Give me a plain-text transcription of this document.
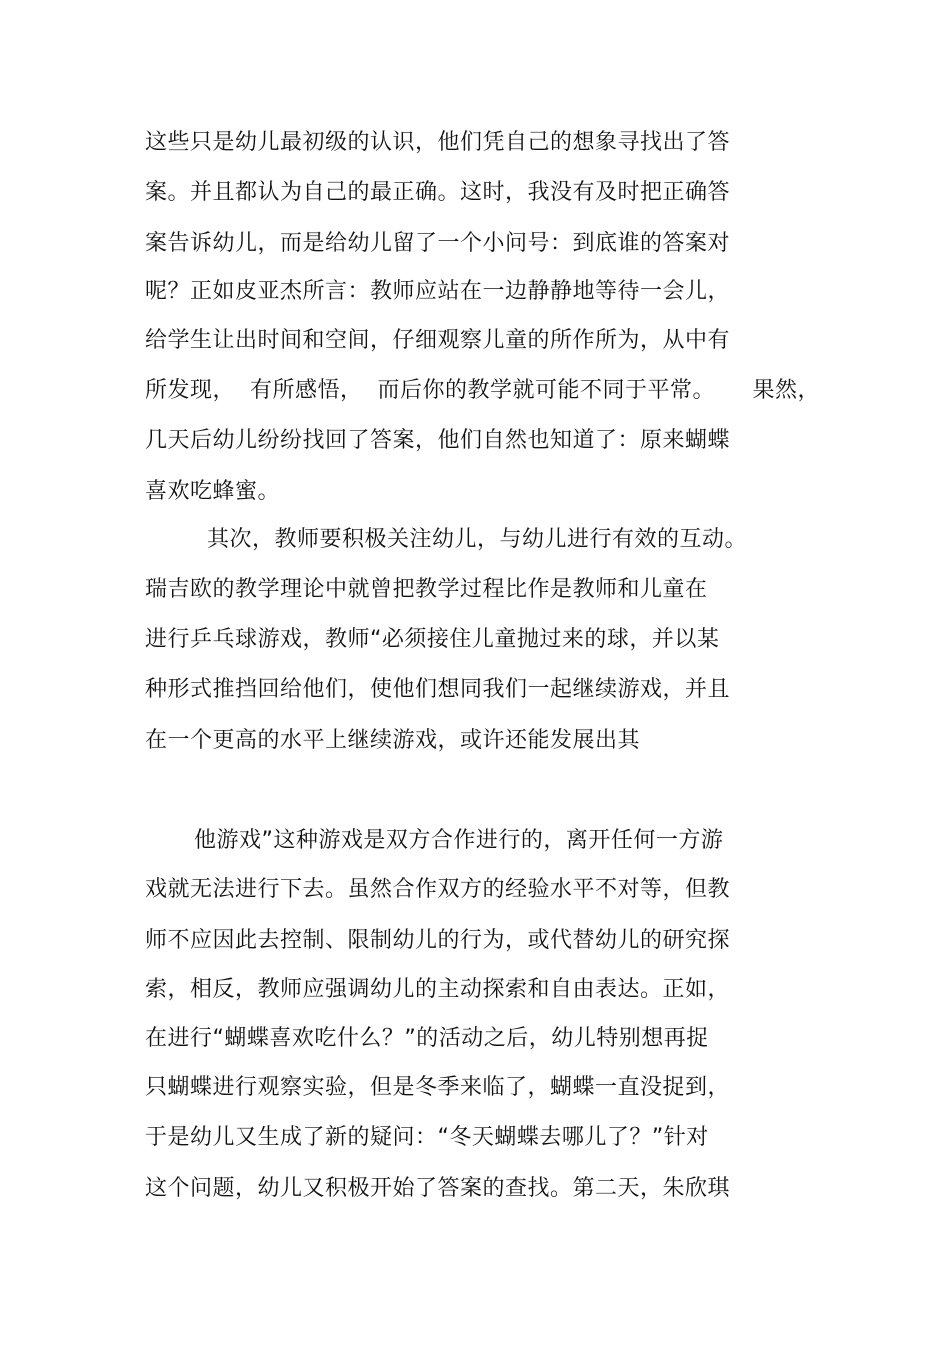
这些只是幼儿最初级的认识，他们凭自己的想象寻找出了答
案。并且都认为自己的最正确。这时，我没有及时把正确答
案告诉幼儿，而是给幼儿留了一个小问号：到底谁的答案对
呢？正如皮亚杰所言：教师应站在一边静静地等待一会儿，
给学生让出时间和空间，仔细观察儿童的所作所为，从中有
所发现，  有所感悟，  而后你的教学就可能不同于平常。     果然，
几天后幼儿纷纷找回了答案，他们自然也知道了：原来蝴蝶
喜欢吃蜂蜜。
其次，教师要积极关注幼儿，与幼儿进行有效的互动。
瑞吉欧的教学理论中就曾把教学过程比作是教师和儿童在
进行乒乓球游戏，教师“必须接住儿童抛过来的球，并以某
种形式推挡回给他们，使他们想同我们一起继续游戏，并且
在一个更高的水平上继续游戏，或许还能发展出其
他游戏”这种游戏是双方合作进行的，离开任何一方游
戏就无法进行下去。虽然合作双方的经验水平不对等，但教
师不应因此去控制、限制幼儿的行为，或代替幼儿的研究探
索，相反，教师应强调幼儿的主动探索和自由表达。正如，
在进行“蝴蝶喜欢吃什么？”的活动之后，幼儿特别想再捉
只蝴蝶进行观察实验，但是冬季来临了，蝴蝶一直没捉到，
于是幼儿又生成了新的疑问：“冬天蝴蝶去哪儿了？”针对
这个问题，幼儿又积极开始了答案的查找。第二天，朱欣琪
